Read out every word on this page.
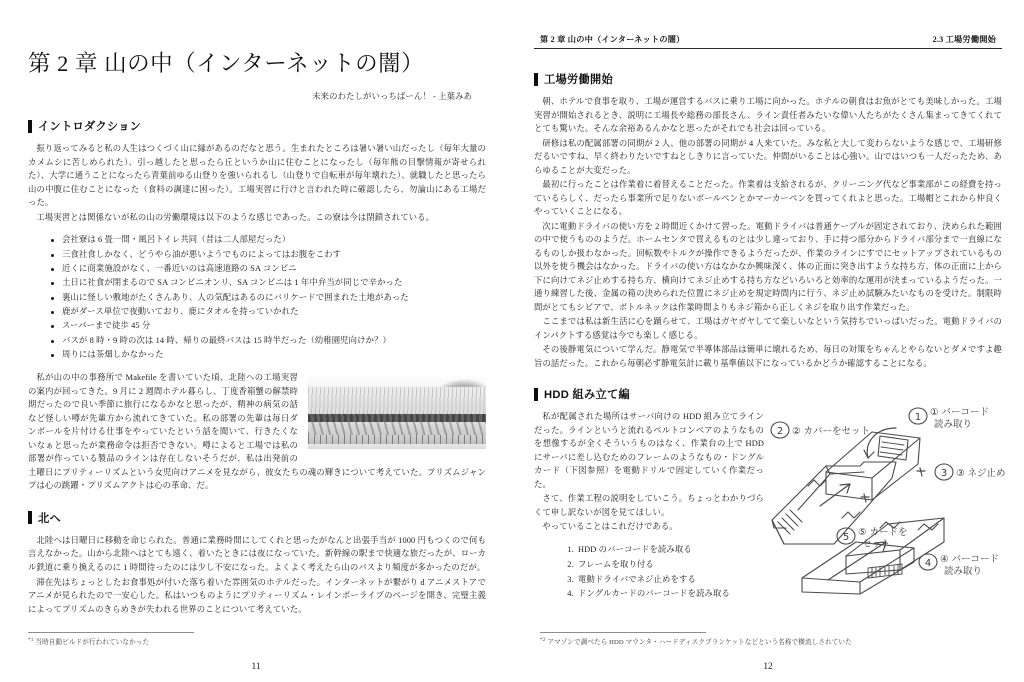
第 2 章 山の中（インターネットの闇）
未来のわたしがいっちばーん！ - 上葉みあ
イントロダクション

振り返ってみると私の人生はつくづく山に縁があるのだなと思う。生まれたところは暑い暑い山だったし（毎年大量のカメムシに苦しめられた）、引っ越したと思ったら丘というか山に住むことになったし（毎年熊の目撃情報が寄せられた）、大学に通うことになったら青葉前ゆる山登りを強いられるし（山登りで自転車が毎年壊れた）、就職したと思ったら山の中腹に住むことになった（食料の調達に困った）。工場実習に行けと言われた時に確認したら、勿論山にある工場だった。

工場実習とは関係ないが私の山の労働環境は以下のような感じであった。この寮は今は閉鎖されている。

会社寮は 6 畳一間・風呂トイレ共同（昔は二人部屋だった）
三食社食しかなく、どうやら油が悪いようでものによってはお腹をこわす
近くに商業施設がなく、一番近いのは高速道路の SA コンビニ
土日に社食が閉まるので SA コンビニオンリ、SA コンビニは 1 年中弁当が同じで辛かった
裏山に怪しい敷地がたくさんあり、人の気配はあるのにバリケードで囲まれた土地があった
鹿がダース単位で夜動いており、鹿にタオルを持っていかれた
スーパーまで徒歩 45 分
バスが 8 時・9 時の次は 14 時、帰りの最終バスは 15 時半だった（幼稚園児向けか？）
周りには茶畑しかなかった

私が山の中の事務所で Makefile を書いていた頃、北陸への工場実習の案内が回ってきた。9 月に 2 週間ホテル暮らし、丁度香箱蟹の解禁時期だったので良い季節に旅行になるかなと思ったが、精神の病気の話など怪しい噂が先輩方から流れてきていた。私の部署の先輩は毎日ダンボールを片付ける仕事をやっていたという話を聞いて、行きたくないなぁと思ったが業務命令は拒否できない。噂によると工場では私の部署が作っている製品のラインは存在しないそうだが、私は出発前の土曜日にプリティーリズムという女児向けアニメを見ながら、彼女たちの魂の輝きについて考えていた。プリズムジャンプは心の跳躍・プリズムアクトは心の革命、だ。

北へ

北陸へは日曜日に移動を命じられた。普通に業務時間にしてくれと思ったがなんと出張手当が 1000 円もつくので何も言えなかった。山から北陸へはとても遠く、着いたときには夜になっていた。新幹線の駅まで快適な旅だったが、ローカル鉄道に乗り換えるのに 1 時間待ったのには少し不安になった。よくよく考えたら山のバスより頻度が多かったのだが。

滞在先はちょっとしたお食事処が付いた落ち着いた雰囲気のホテルだった。インターネットが繋がり d アニメストアでアニメが見られたので一安心した。私はいつものようにプリティーリズム・レインボーライブのページを開き、完璧主義によってプリズムのきらめきが失われる世界のことについて考えていた。

$^{*1}$ 当時自動ビルドが行われていなかった
11
第 2 章 山の中（インターネットの闇）	2.3 工場労働開始
工場労働開始

朝、ホテルで食事を取り、工場が運営するバスに乗り工場に向かった。ホテルの朝食はお魚がとても美味しかった。工場実習が開始されるとき、説明に工場長や総務の部長さん、ライン責任者みたいな偉い人たちがたくさん集まってきてくれてとても驚いた。そんな余裕あるんかなと思ったがそれでも社会は回っている。

研修は私の配属部署の同期が 2 人、他の部署の同期が 4 人来ていた。みな私と大して変わらないような感じで、工場研修だるいですね、早く終わりたいですねとしきりに言っていた。仲間がいることは心強い。山ではいつも一人だったため、あらゆることが大変だった。

最初に行ったことは作業着に着替えることだった。作業着は支給されるが、クリーニング代など事業部がこの経費を持っているらしく、だったら事業所で足りないボールペンとかマーカーペンを買ってくれよと思った。工場帽とこれから仲良くやっていくことになる。

次に電動ドライバの使い方を 2 時間近くかけて習った。電動ドライバは普通ケーブルが固定されており、決められた範囲の中で使うもののようだ。ホームセンタで買えるものとは少し違っており、手に持つ部分からドライバ部分まで一直線になるものしか扱わなかった。回転数やトルクが操作できるようだったが、作業のラインにすでにセットアップされているもの以外を使う機会はなかった。ドライバの使い方はなかなか興味深く、体の正面に突き出すような持ち方、体の正面に上から下に向けてネジ止めする持ち方、横向けてネジ止めする持ち方などいろいろと効率的な運用が決まっているようだった。一通り練習した後、金属の箱の決められた位置にネジ止めを規定時間内に行う、ネジ止め試験みたいなものを受けた。制限時間がとてもシビアで、ボトルネックは作業時間よりもネジ箱から正しくネジを取り出す作業だった。

ここまでは私は新生活に心を踊らせて、工場はガヤガヤしてて楽しいなという気持ちでいっぱいだった。電動ドライバのインパクトする感覚は今でも楽しく感じる。

その後静電気について学んだ。静電気で半導体部品は簡単に壊れるため、毎日の対策をちゃんとやらないとダメですよ趣旨の話だった。これから毎朝必ず静電気計に載り基準値以下になっているかどうか確認することになる。

HDD 組み立て編
1
2
3
4
5
① バーコード
読み取り
② カバーをセット
③ ネジ止め
④ バーコード
読み取り
⑤ カードを
セット

私が配属された場所はサーバ向けの HDD 組み立てラインだった。ラインというと流れるベルトコンベアのようなものを想像するが全くそういうものはなく、作業台の上で HDD にサーバに差し込むためのフレームのようなもの・ドングルカード（下図参照）を電動ドリルで固定していく作業だった。

さて、作業工程の説明をしていこう。ちょっとわかりづらくて申し訳ないが図を見てほしい。

やっていることはこれだけである。

1. HDD のバーコードを読み取る
2. フレームを取り付る
3. 電動ドライバでネジ止めをする
4. ドングルカードのバーコードを読み取る
$^{*2}$ アマゾンで調べたら HDD マウンタ・ハードディスクブランケットなどという名称で横流しされていた
12
